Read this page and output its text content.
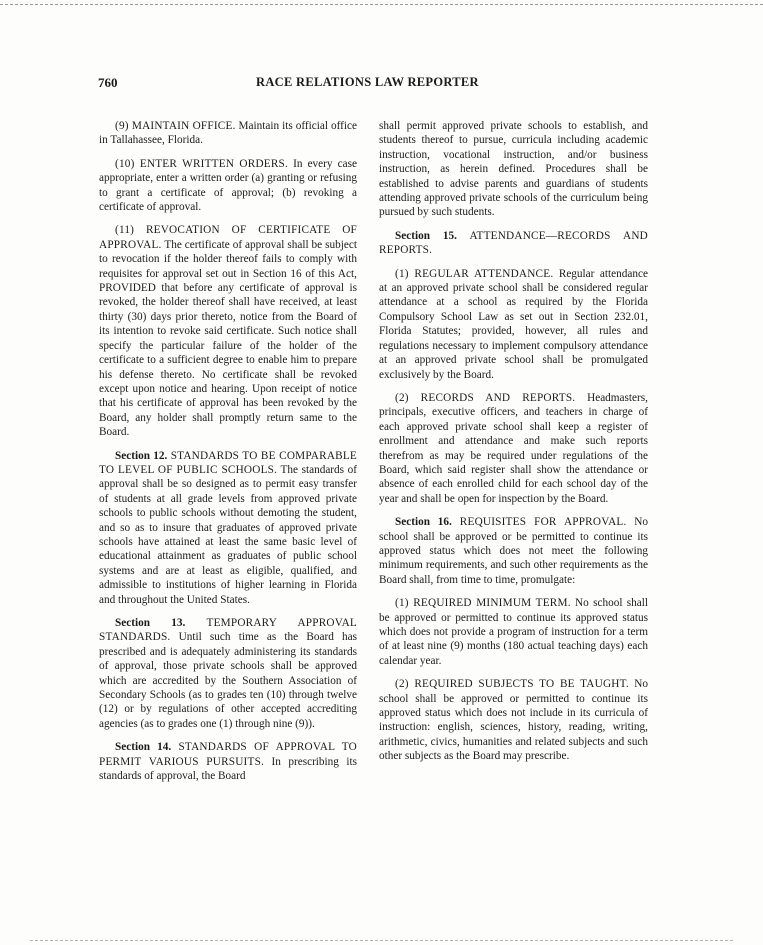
760	RACE RELATIONS LAW REPORTER

(9) MAINTAIN OFFICE. Maintain its official office in Tallahassee, Florida.

(10) ENTER WRITTEN ORDERS. In every case appropriate, enter a written order (a) granting or refusing to grant a certificate of approval; (b) revoking a certificate of approval.

(11) REVOCATION OF CERTIFICATE OF APPROVAL. The certificate of approval shall be subject to revocation if the holder thereof fails to comply with requisites for approval set out in Section 16 of this Act, PROVIDED that before any certificate of approval is revoked, the holder thereof shall have received, at least thirty (30) days prior thereto, notice from the Board of its intention to revoke said certificate. Such notice shall specify the particular failure of the holder of the certificate to a sufficient degree to enable him to prepare his defense thereto. No certificate shall be revoked except upon notice and hearing. Upon receipt of notice that his certificate of approval has been revoked by the Board, any holder shall promptly return same to the Board.

Section 12. STANDARDS TO BE COMPARABLE TO LEVEL OF PUBLIC SCHOOLS. The standards of approval shall be so designed as to permit easy transfer of students at all grade levels from approved private schools to public schools without demoting the student, and so as to insure that graduates of approved private schools have attained at least the same basic level of educational attainment as graduates of public school systems and are at least as eligible, qualified, and admissible to institutions of higher learning in Florida and throughout the United States.

Section 13. TEMPORARY APPROVAL STANDARDS. Until such time as the Board has prescribed and is adequately administering its standards of approval, those private schools shall be approved which are accredited by the Southern Association of Secondary Schools (as to grades ten (10) through twelve (12) or by regulations of other accepted accrediting agencies (as to grades one (1) through nine (9)).

Section 14. STANDARDS OF APPROVAL TO PERMIT VARIOUS PURSUITS. In prescribing its standards of approval, the Board

shall permit approved private schools to establish, and students thereof to pursue, curricula including academic instruction, vocational instruction, and/or business instruction, as herein defined. Procedures shall be established to advise parents and guardians of students attending approved private schools of the curriculum being pursued by such students.

Section 15. ATTENDANCE—RECORDS AND REPORTS.

(1) REGULAR ATTENDANCE. Regular attendance at an approved private school shall be considered regular attendance at a school as required by the Florida Compulsory School Law as set out in Section 232.01, Florida Statutes; provided, however, all rules and regulations necessary to implement compulsory attendance at an approved private school shall be promulgated exclusively by the Board.

(2) RECORDS AND REPORTS. Headmasters, principals, executive officers, and teachers in charge of each approved private school shall keep a register of enrollment and attendance and make such reports therefrom as may be required under regulations of the Board, which said register shall show the attendance or absence of each enrolled child for each school day of the year and shall be open for inspection by the Board.

Section 16. REQUISITES FOR APPROVAL. No school shall be approved or be permitted to continue its approved status which does not meet the following minimum requirements, and such other requirements as the Board shall, from time to time, promulgate:

(1) REQUIRED MINIMUM TERM. No school shall be approved or permitted to continue its approved status which does not provide a program of instruction for a term of at least nine (9) months (180 actual teaching days) each calendar year.

(2) REQUIRED SUBJECTS TO BE TAUGHT. No school shall be approved or permitted to continue its approved status which does not include in its curricula of instruction: english, sciences, history, reading, writing, arithmetic, civics, humanities and related subjects and such other subjects as the Board may prescribe.
